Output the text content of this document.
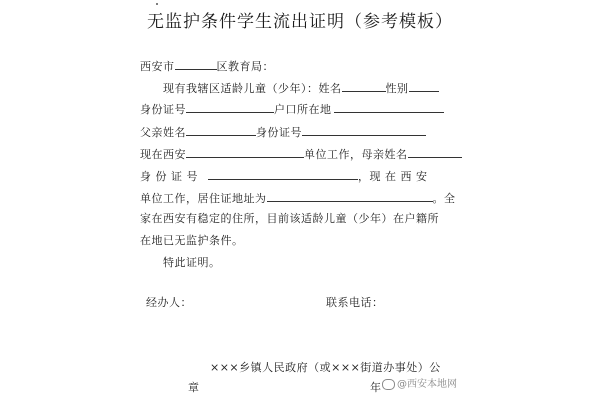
无监护条件学生流出证明（参考模板）
西安市	区教育局：
现有我辖区适龄儿童（少年）：姓名	性别
身份证号	户口所在地
父亲姓名	身份证号
现在西安	单位工作，母亲姓名
身 份 证 号	，现 在 西 安
单位工作，居住证地址为	。全
家在西安有稳定的住所，目前该适龄儿童（少年）在户籍所
在地已无监护条件。
特此证明。
经办人：	联系电话：
×××乡镇人民政府（或×××街道办事处）公
章	年	@西安本地网
